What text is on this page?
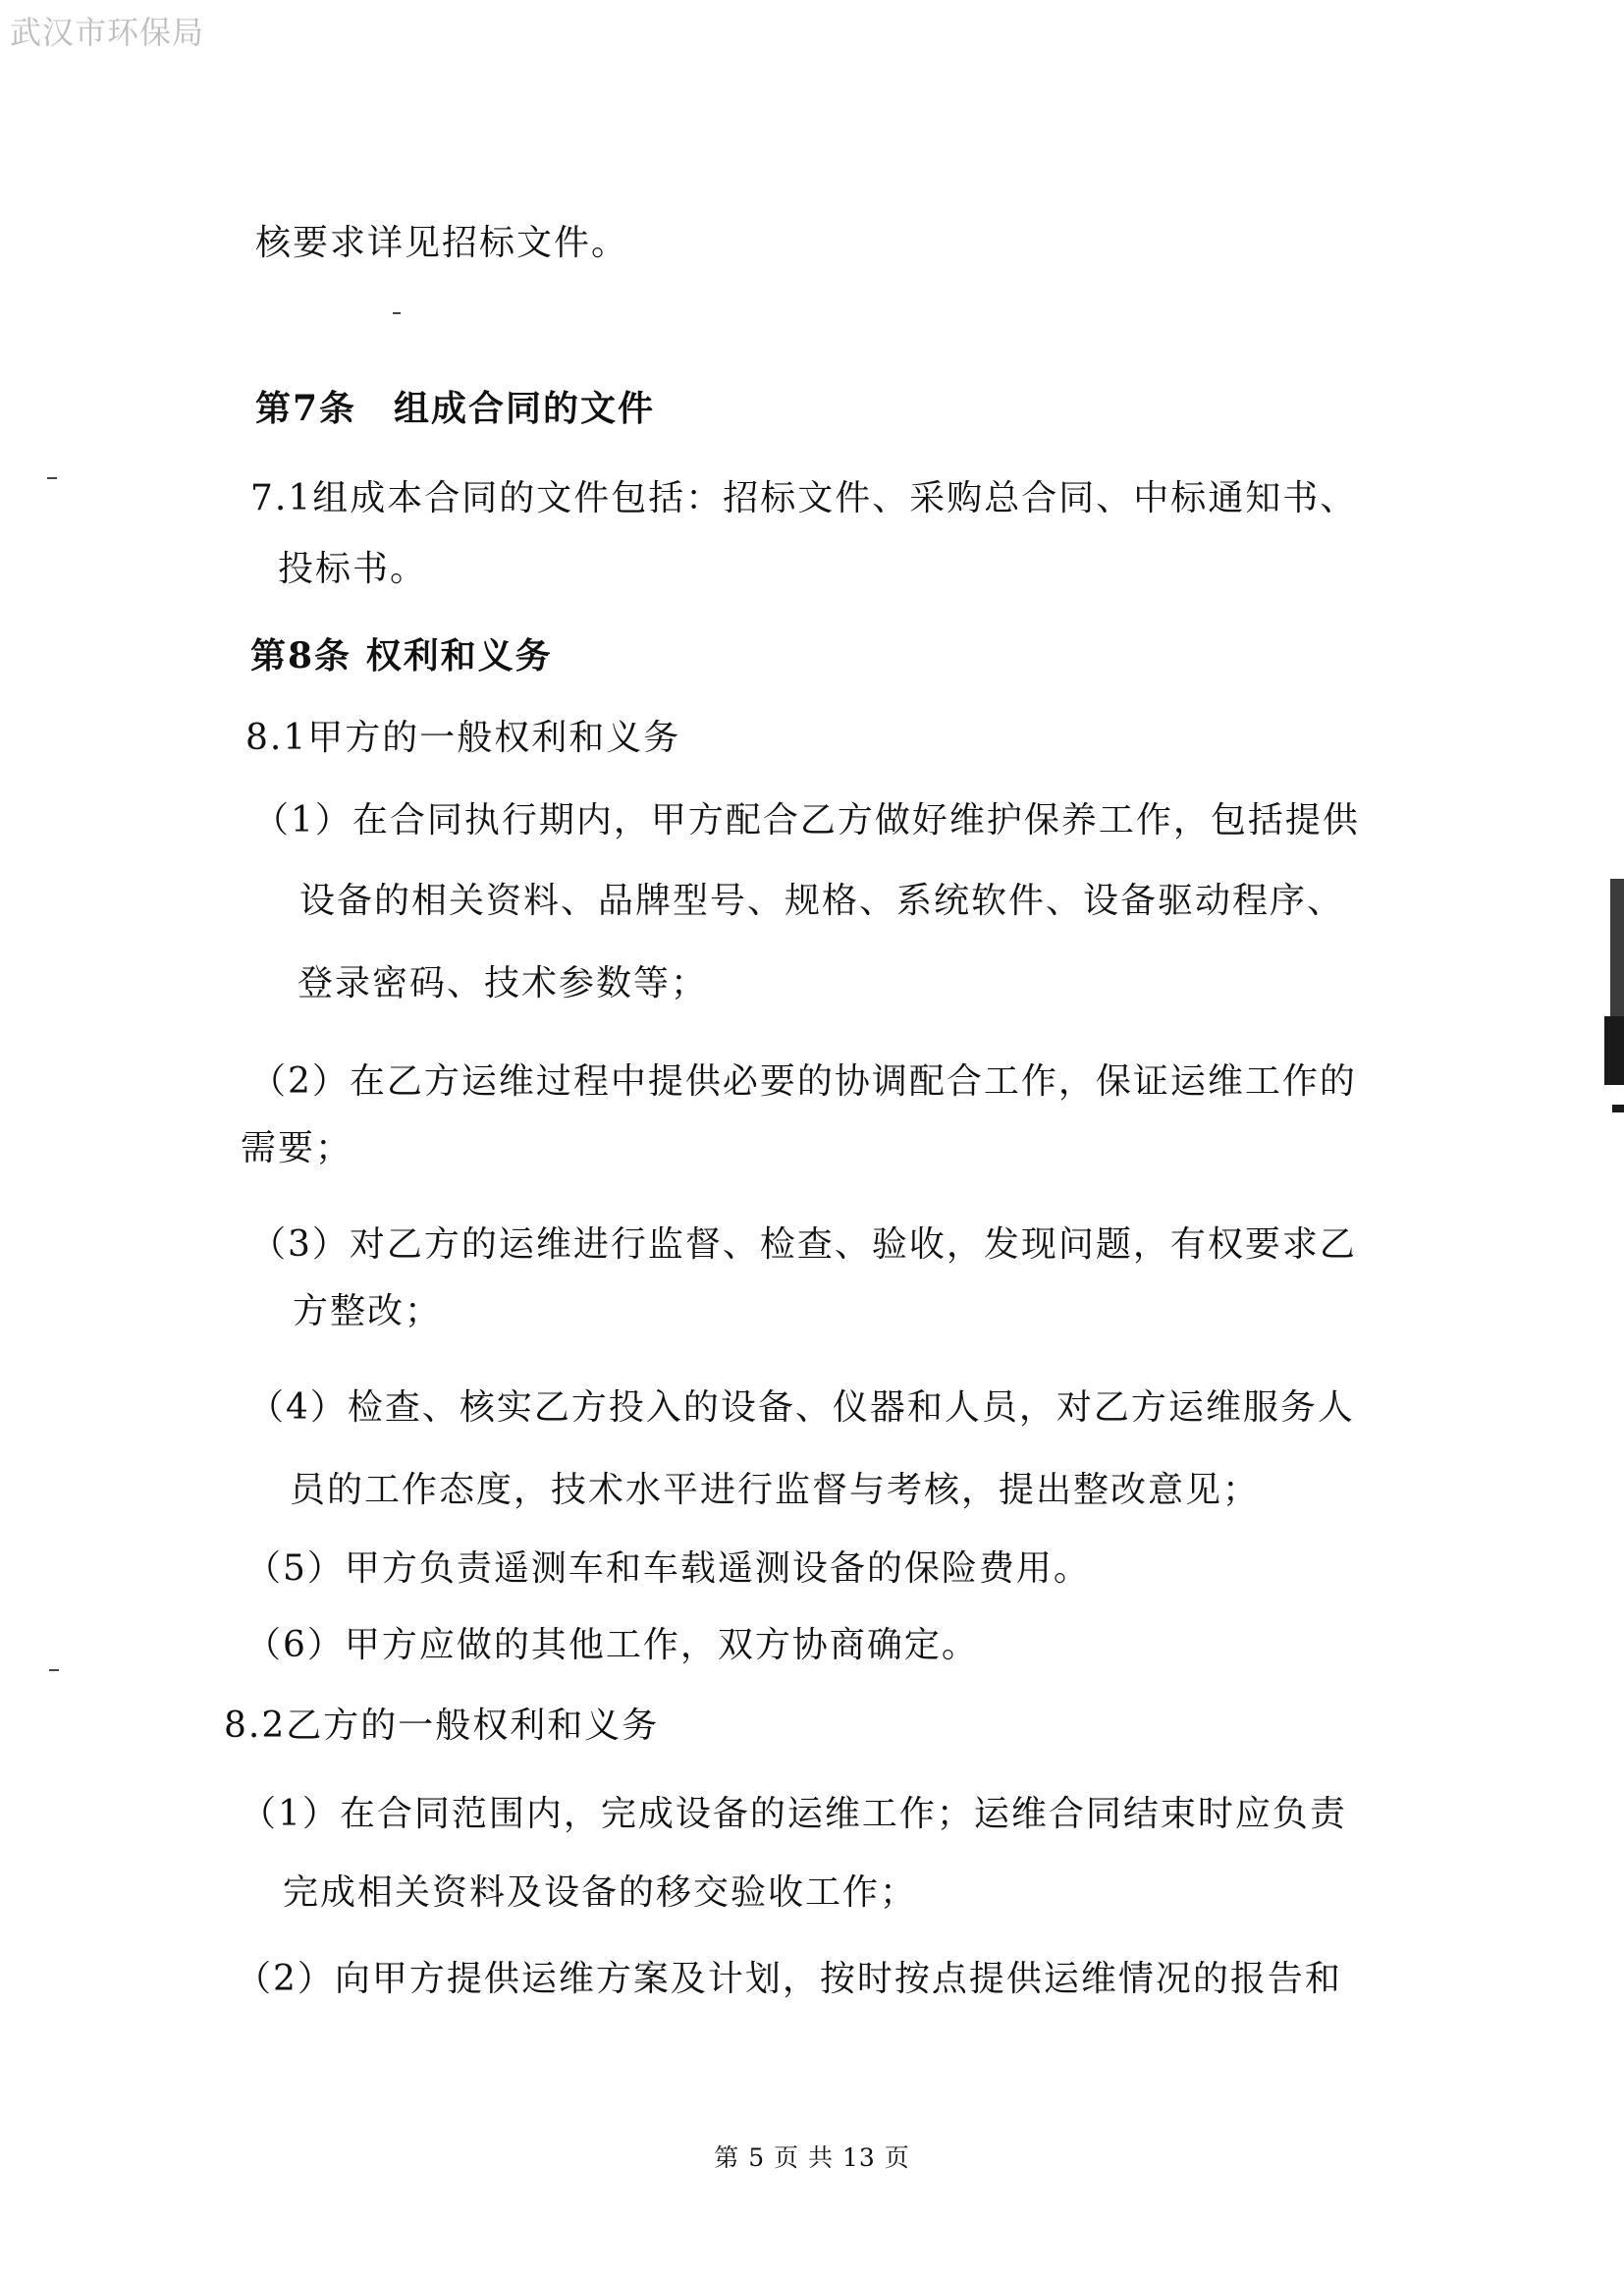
武汉市环保局
核要求详见招标文件。
第7条　组成合同的文件
7.1组成本合同的文件包括：招标文件、采购总合同、中标通知书、
投标书。
第8条 权利和义务
8.1甲方的一般权利和义务
（1）在合同执行期内，甲方配合乙方做好维护保养工作，包括提供
设备的相关资料、品牌型号、规格、系统软件、设备驱动程序、
登录密码、技术参数等；
（2）在乙方运维过程中提供必要的协调配合工作，保证运维工作的
需要；
（3）对乙方的运维进行监督、检查、验收，发现问题，有权要求乙
方整改；
（4）检查、核实乙方投入的设备、仪器和人员，对乙方运维服务人
员的工作态度，技术水平进行监督与考核，提出整改意见；
（5）甲方负责遥测车和车载遥测设备的保险费用。
（6）甲方应做的其他工作，双方协商确定。
8.2乙方的一般权利和义务
（1）在合同范围内，完成设备的运维工作；运维合同结束时应负责
完成相关资料及设备的移交验收工作；
（2）向甲方提供运维方案及计划，按时按点提供运维情况的报告和
第 5 页 共 13 页
